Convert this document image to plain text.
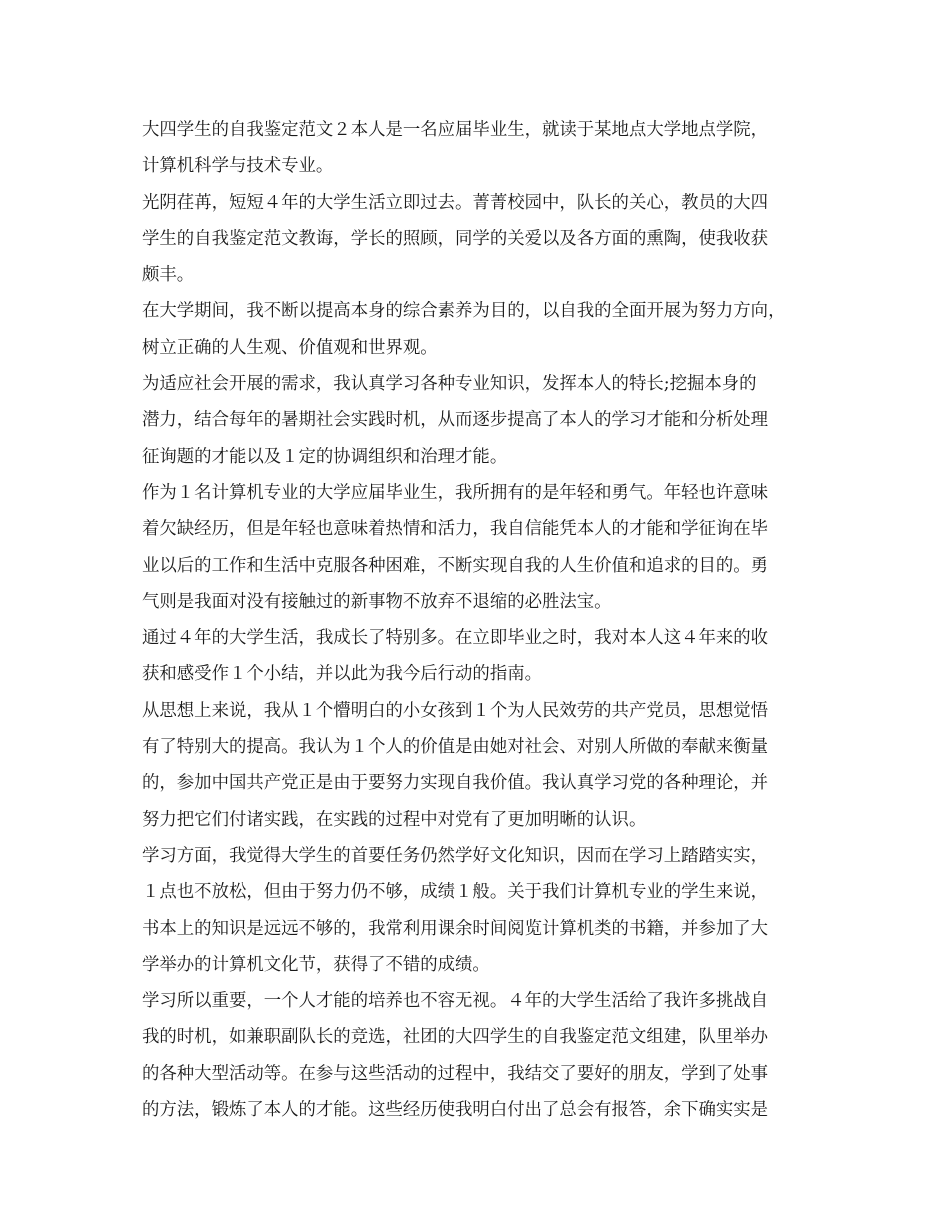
大四学生的自我鉴定范文２本人是一名应届毕业生，就读于某地点大学地点学院，

计算机科学与技术专业。

光阴荏苒，短短４年的大学生活立即过去。菁菁校园中，队长的关心，教员的大四

学生的自我鉴定范文教诲，学长的照顾，同学的关爱以及各方面的熏陶，使我收获

颇丰。

在大学期间，我不断以提高本身的综合素养为目的，以自我的全面开展为努力方向，

树立正确的人生观、价值观和世界观。

为适应社会开展的需求，我认真学习各种专业知识，发挥本人的特长;挖掘本身的

潜力，结合每年的暑期社会实践时机，从而逐步提高了本人的学习才能和分析处理

征询题的才能以及１定的协调组织和治理才能。

作为１名计算机专业的大学应届毕业生，我所拥有的是年轻和勇气。年轻也许意味

着欠缺经历，但是年轻也意味着热情和活力，我自信能凭本人的才能和学征询在毕

业以后的工作和生活中克服各种困难，不断实现自我的人生价值和追求的目的。勇

气则是我面对没有接触过的新事物不放弃不退缩的必胜法宝。

通过４年的大学生活，我成长了特别多。在立即毕业之时，我对本人这４年来的收

获和感受作１个小结，并以此为我今后行动的指南。

从思想上来说，我从１个懵明白的小女孩到１个为人民效劳的共产党员，思想觉悟

有了特别大的提高。我认为１个人的价值是由她对社会、对别人所做的奉献来衡量

的，参加中国共产党正是由于要努力实现自我价值。我认真学习党的各种理论，并

努力把它们付诸实践，在实践的过程中对党有了更加明晰的认识。

学习方面，我觉得大学生的首要任务仍然学好文化知识，因而在学习上踏踏实实，

１点也不放松，但由于努力仍不够，成绩１般。关于我们计算机专业的学生来说，

书本上的知识是远远不够的，我常利用课余时间阅览计算机类的书籍，并参加了大

学举办的计算机文化节，获得了不错的成绩。

学习所以重要，一个人才能的培养也不容无视。４年的大学生活给了我许多挑战自

我的时机，如兼职副队长的竞选，社团的大四学生的自我鉴定范文组建，队里举办

的各种大型活动等。在参与这些活动的过程中，我结交了要好的朋友，学到了处事

的方法，锻炼了本人的才能。这些经历使我明白付出了总会有报答，余下确实实是
